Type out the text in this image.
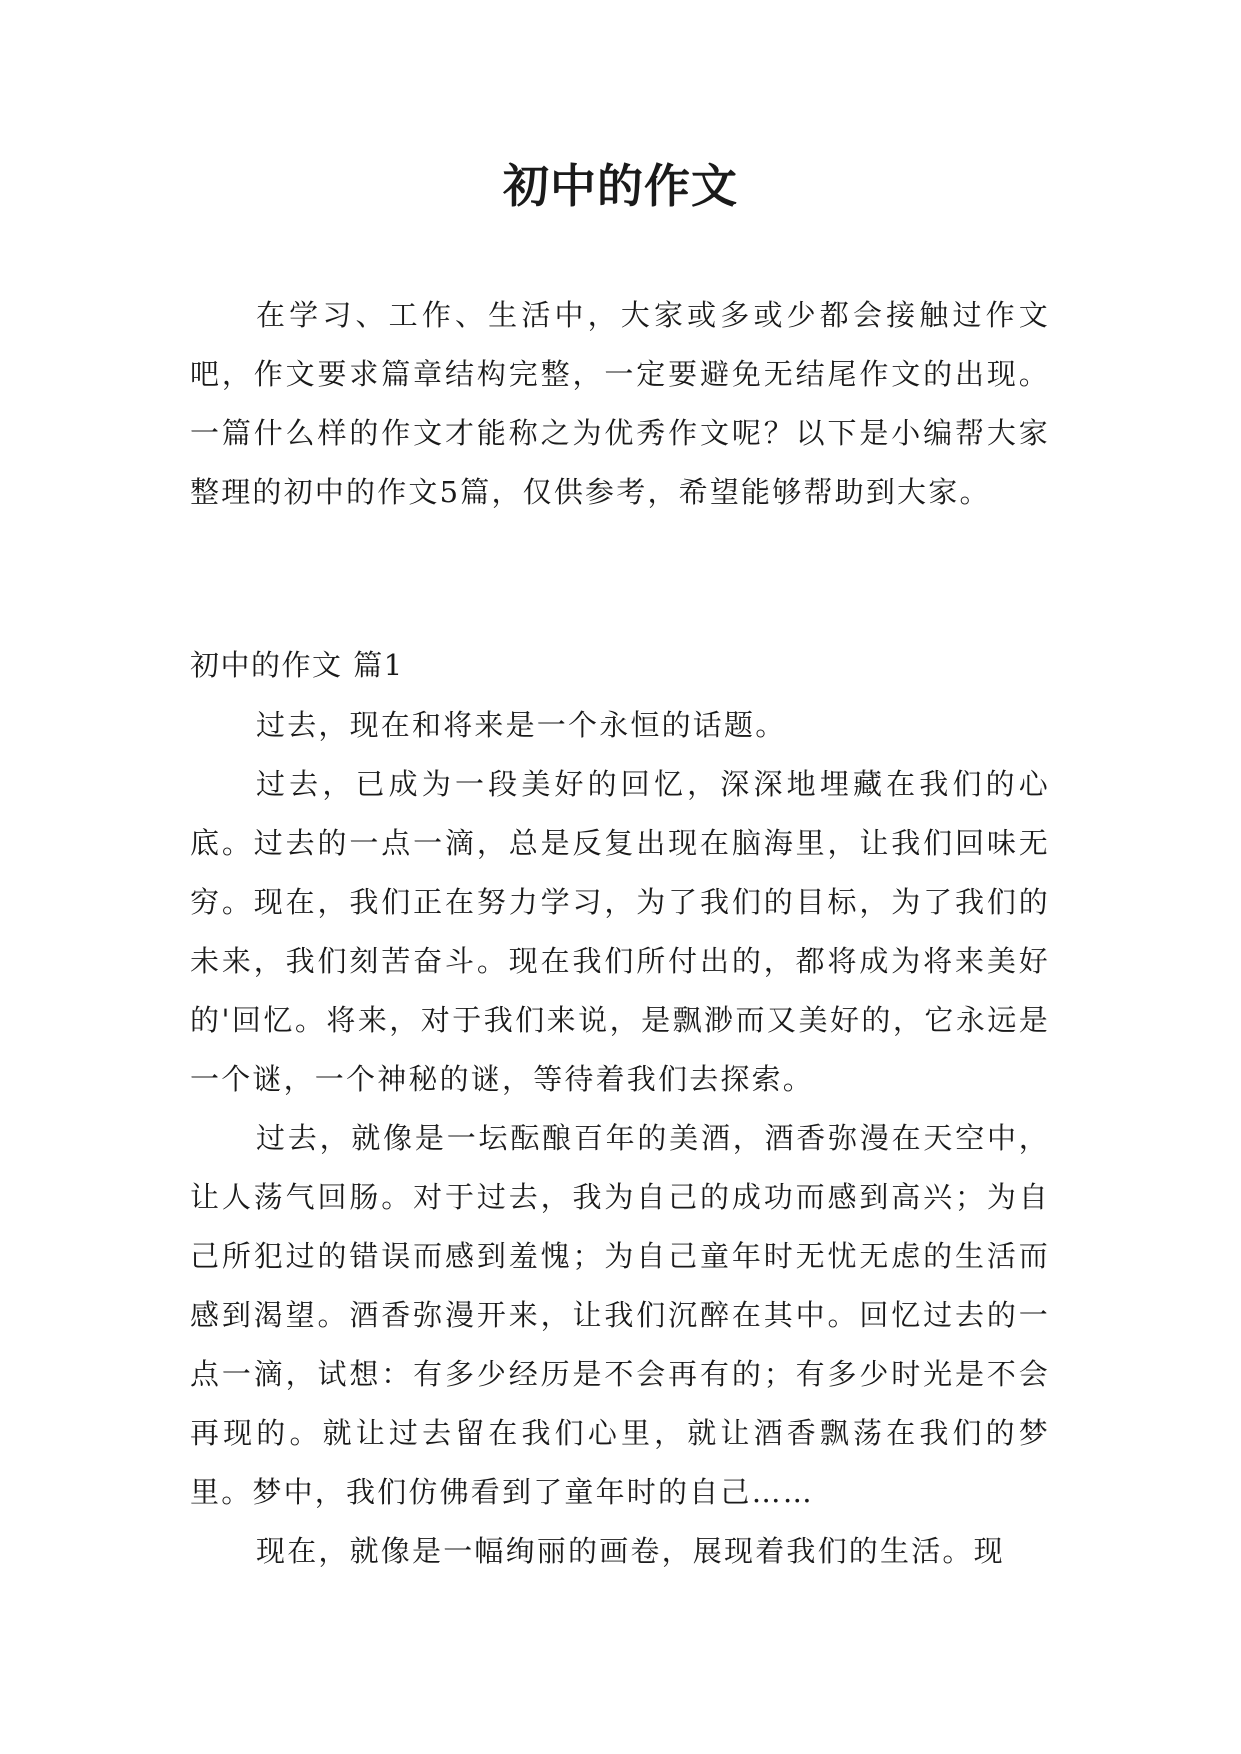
初中的作文

在学习、工作、生活中，大家或多或少都会接触过作文吧，作文要求篇章结构完整，一定要避免无结尾作文的出现。一篇什么样的作文才能称之为优秀作文呢？以下是小编帮大家整理的初中的作文5篇，仅供参考，希望能够帮助到大家。

初中的作文 篇1

过去，现在和将来是一个永恒的话题。

过去，已成为一段美好的回忆，深深地埋藏在我们的心底。过去的一点一滴，总是反复出现在脑海里，让我们回味无穷。现在，我们正在努力学习，为了我们的目标，为了我们的未来，我们刻苦奋斗。现在我们所付出的，都将成为将来美好的'回忆。将来，对于我们来说，是飘渺而又美好的，它永远是一个谜，一个神秘的谜，等待着我们去探索。

过去，就像是一坛酝酿百年的美酒，酒香弥漫在天空中，让人荡气回肠。对于过去，我为自己的成功而感到高兴；为自己所犯过的错误而感到羞愧；为自己童年时无忧无虑的生活而感到渴望。酒香弥漫开来，让我们沉醉在其中。回忆过去的一点一滴，试想：有多少经历是不会再有的；有多少时光是不会再现的。就让过去留在我们心里，就让酒香飘荡在我们的梦里。梦中，我们仿佛看到了童年时的自己……

现在，就像是一幅绚丽的画卷，展现着我们的生活。现
